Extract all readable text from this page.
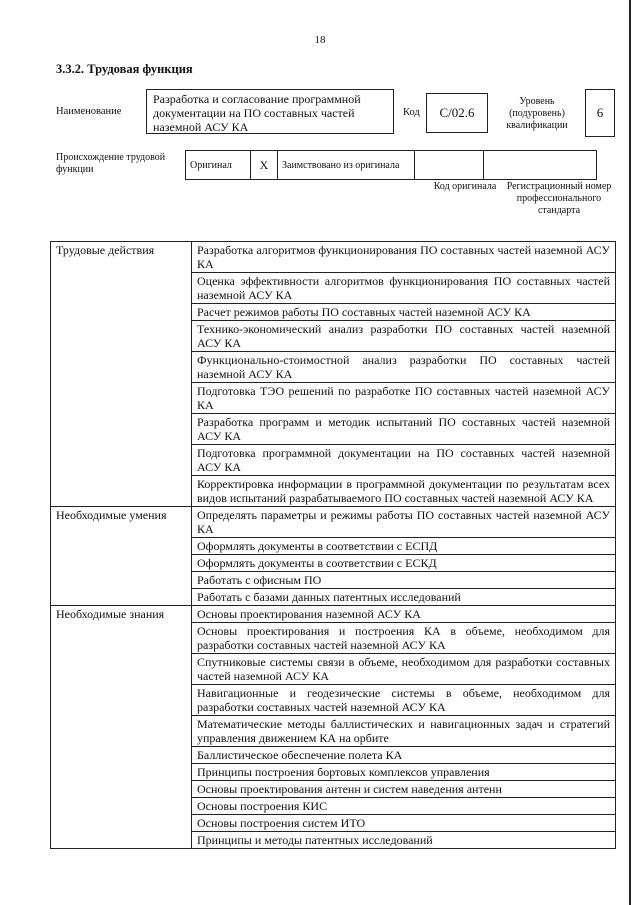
18
3.3.2. Трудовая функция
Наименование
Разработка и согласование программной документации на ПО составных частей наземной АСУ КА
Код	С/02.6
Уровень (подуровень) квалификации
6
Происхождение трудовой функции	Оригинал	Х	Заимствовано из оригинала		
Код оригинала	Регистрационный номер профессионального стандарта
Трудовые действия	Разработка алгоритмов функционирования ПО составных частей наземной АСУ КА
	Оценка эффективности алгоритмов функционирования ПО составных частей наземной АСУ КА
	Расчет режимов работы ПО составных частей наземной АСУ КА
	Технико-экономический анализ разработки ПО составных частей наземной АСУ КА
	Функционально-стоимостной анализ разработки ПО составных частей наземной АСУ КА
	Подготовка ТЭО решений по разработке ПО составных частей наземной АСУ КА
	Разработка программ и методик испытаний ПО составных частей наземной АСУ КА
	Подготовка программной документации на ПО составных частей наземной АСУ КА
	Корректировка информации в программной документации по результатам всех видов испытаний разрабатываемого ПО составных частей наземной АСУ КА
Необходимые умения	Определять параметры и режимы работы ПО составных частей наземной АСУ КА
	Оформлять документы в соответствии с ЕСПД
	Оформлять документы в соответствии с ЕСКД
	Работать с офисным ПО
	Работать с базами данных патентных исследований
Необходимые знания	Основы проектирования наземной АСУ КА
	Основы проектирования и построения КА в объеме, необходимом для разработки составных частей наземной АСУ КА
	Спутниковые системы связи в объеме, необходимом для разработки составных частей наземной АСУ КА
	Навигационные и геодезические системы в объеме, необходимом для разработки составных частей наземной АСУ КА
	Математические методы баллистических и навигационных задач и стратегий управления движением КА на орбите
	Баллистическое обеспечение полета КА
	Принципы построения бортовых комплексов управления
	Основы проектирования антенн и систем наведения антенн
	Основы построения КИС
	Основы построения систем ИТО
	Принципы и методы патентных исследований
